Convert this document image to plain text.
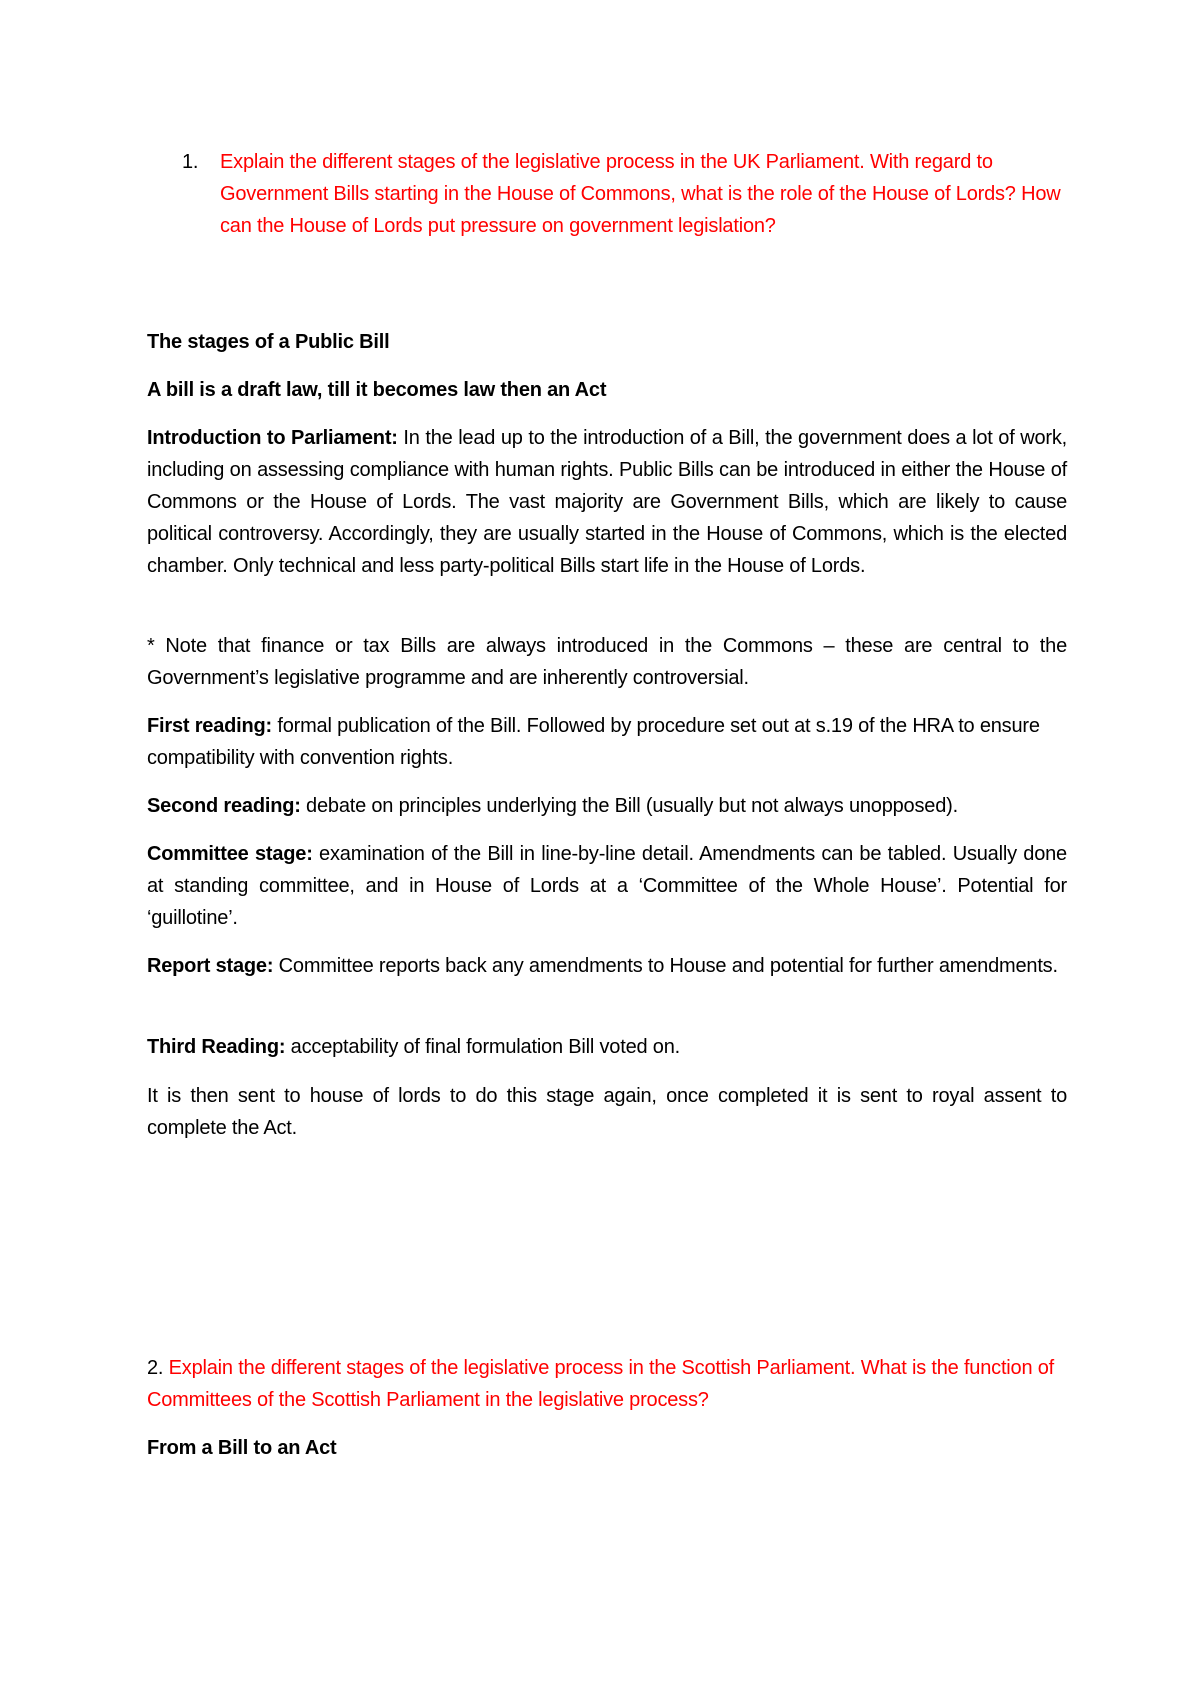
1.	Explain the different stages of the legislative process in the UK Parliament. With regard to Government Bills starting in the House of Commons, what is the role of the House of Lords? How can the House of Lords put pressure on government legislation?
The stages of a Public Bill
A bill is a draft law, till it becomes law then an Act
Introduction to Parliament: In the lead up to the introduction of a Bill, the government does a lot of work, including on assessing compliance with human rights. Public Bills can be introduced in either the House of Commons or the House of Lords. The vast majority are Government Bills, which are likely to cause political controversy. Accordingly, they are usually started in the House of Commons, which is the elected chamber. Only technical and less party-political Bills start life in the House of Lords.
* Note that finance or tax Bills are always introduced in the Commons – these are central to the Government’s legislative programme and are inherently controversial.
First reading: formal publication of the Bill. Followed by procedure set out at s.19 of the HRA to ensure compatibility with convention rights.
Second reading: debate on principles underlying the Bill (usually but not always unopposed).
Committee stage: examination of the Bill in line-by-line detail. Amendments can be tabled. Usually done at standing committee, and in House of Lords at a ‘Committee of the Whole House’. Potential for ‘guillotine’.
Report stage: Committee reports back any amendments to House and potential for further amendments.
Third Reading: acceptability of final formulation Bill voted on.
It is then sent to house of lords to do this stage again, once completed it is sent to royal assent to complete the Act.
2. Explain the different stages of the legislative process in the Scottish Parliament. What is the function of Committees of the Scottish Parliament in the legislative process?
From a Bill to an Act
